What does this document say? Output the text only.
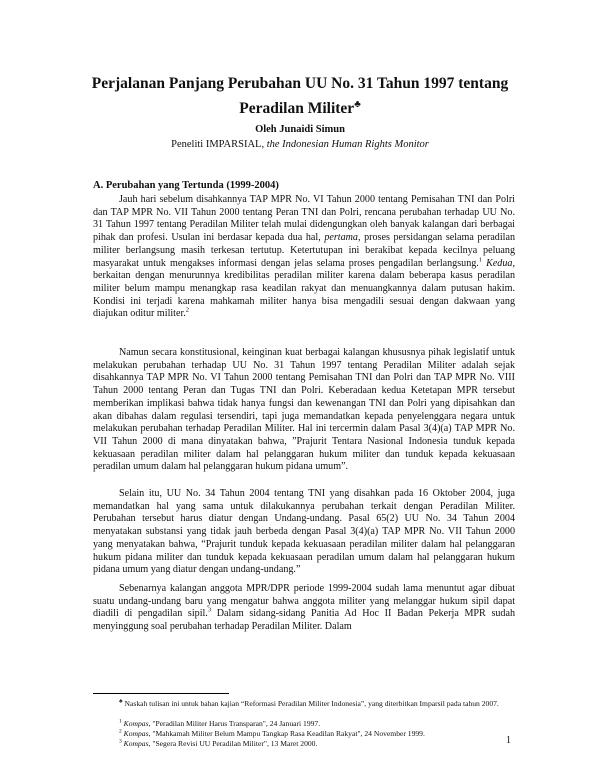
Perjalanan Panjang Perubahan UU No. 31 Tahun 1997 tentang
Peradilan Militer♣
Oleh Junaidi Simun
Peneliti IMPARSIAL, the Indonesian Human Rights Monitor
A. Perubahan yang Tertunda (1999-2004)

Jauh hari sebelum disahkannya TAP MPR No. VI Tahun 2000 tentang Pemisahan TNI dan Polri dan TAP MPR No. VII Tahun 2000 tentang Peran TNI dan Polri, rencana perubahan terhadap UU No. 31 Tahun 1997 tentang Peradilan Militer telah mulai didengungkan oleh banyak kalangan dari berbagai pihak dan profesi. Usulan ini berdasar kepada dua hal, pertama, proses persidangan selama peradilan militer berlangsung masih terkesan tertutup. Ketertutupan ini berakibat kepada kecilnya peluang masyarakat untuk mengakses informasi dengan jelas selama proses pengadilan berlangsung.$^1$ Kedua, berkaitan dengan menurunnya kredibilitas peradilan militer karena dalam beberapa kasus peradilan militer belum mampu menangkap rasa keadilan rakyat dan menuangkannya dalam putusan hakim. Kondisi ini terjadi karena mahkamah militer hanya bisa mengadili sesuai dengan dakwaan yang diajukan oditur militer.$^2$

Namun secara konstitusional, keinginan kuat berbagai kalangan khususnya pihak legislatif untuk melakukan perubahan terhadap UU No. 31 Tahun 1997 tentang Peradilan Militer adalah sejak disahkannya TAP MPR No. VI Tahun 2000 tentang Pemisahan TNI dan Polri dan TAP MPR No. VIII Tahun 2000 tentang Peran dan Tugas TNI dan Polri. Keberadaan kedua Ketetapan MPR tersebut memberikan implikasi bahwa tidak hanya fungsi dan kewenangan TNI dan Polri yang dipisahkan dan akan dibahas dalam regulasi tersendiri, tapi juga memandatkan kepada penyelenggara negara untuk melakukan perubahan terhadap Peradilan Militer. Hal ini tercermin dalam Pasal 3(4)(a) TAP MPR No. VII Tahun 2000 di mana dinyatakan bahwa, ”Prajurit Tentara Nasional Indonesia tunduk kepada kekuasaan peradilan militer dalam hal pelanggaran hukum militer dan tunduk kepada kekuasaan peradilan umum dalam hal pelanggaran hukum pidana umum”.

Selain itu, UU No. 34 Tahun 2004 tentang TNI yang disahkan pada 16 Oktober 2004, juga memandatkan hal yang sama untuk dilakukannya perubahan terkait dengan Peradilan Militer. Perubahan tersebut harus diatur dengan Undang-undang. Pasal 65(2) UU No. 34 Tahun 2004 menyatakan substansi yang tidak jauh berbeda dengan Pasal 3(4)(a) TAP MPR No. VII Tahun 2000 yang menyatakan bahwa, “Prajurit tunduk kepada kekuasaan peradilan militer dalam hal pelanggaran hukum pidana militer dan tunduk kepada kekuasaan peradilan umum dalam hal pelanggaran hukum pidana umum yang diatur dengan undang-undang.”

Sebenarnya kalangan anggota MPR/DPR periode 1999-2004 sudah lama menuntut agar dibuat suatu undang-undang baru yang mengatur bahwa anggota militer yang melanggar hukum sipil dapat diadili di pengadilan sipil.$^3$ Dalam sidang-sidang Panitia Ad Hoc II Badan Pekerja MPR sudah menyinggung soal perubahan terhadap Peradilan Militer. Dalam

♣ Naskah tulisan ini untuk bahan kajian “Reformasi Peradilan Militer Indonesia”, yang diterbitkan Imparsil pada tahun 2007.
$^1$ Kompas, "Peradilan Militer Harus Transparan", 24 Januari 1997.
$^2$ Kompas, "Mahkamah Militer Belum Mampu Tangkap Rasa Keadilan Rakyat", 24 November 1999.
$^3$ Kompas, "Segera Revisi UU Peradilan Militer", 13 Maret 2000.	1
